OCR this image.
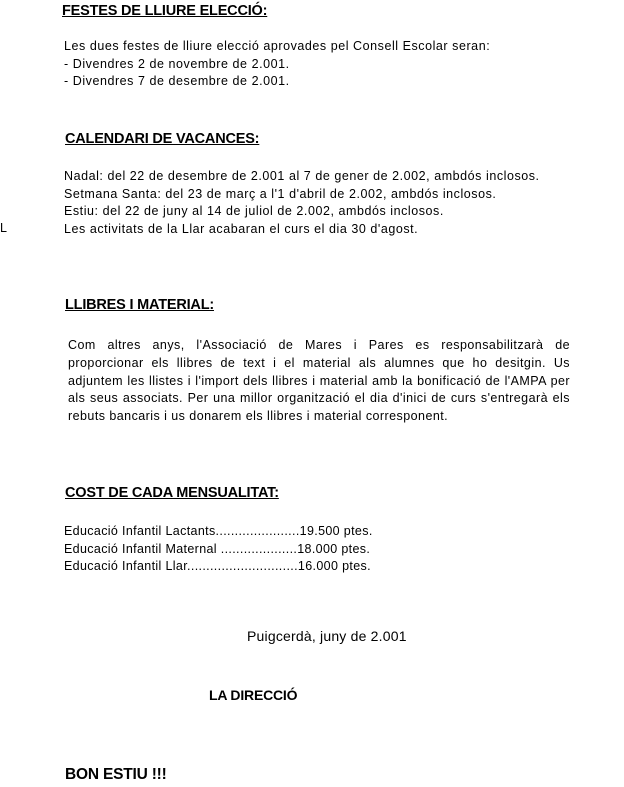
FESTES DE LLIURE ELECCIÓ:
Les dues festes de lliure elecció aprovades pel Consell Escolar seran:
- Divendres 2 de novembre de 2.001.
- Divendres 7 de desembre de 2.001.
CALENDARI DE VACANCES:
Nadal: del 22 de desembre de 2.001 al 7 de gener de 2.002, ambdós inclosos.
Setmana Santa: del 23 de març a l'1 d'abril de 2.002, ambdós inclosos.
Estiu: del 22 de juny al 14 de juliol de 2.002, ambdós inclosos.
Les activitats de la Llar acabaran el curs el dia 30 d'agost.
L
LLIBRES I MATERIAL:
Com altres anys, l'Associació de Mares i Pares es responsabilitzarà de proporcionar els llibres de text i el material als alumnes que ho desitgin. Us adjuntem les llistes i l'import dels llibres i material amb la bonificació de l'AMPA per als seus associats. Per una millor organització el dia d'inici de curs s'entregarà els rebuts bancaris i us donarem els llibres i material corresponent.
COST DE CADA MENSUALITAT:
Educació Infantil Lactants......................19.500 ptes.
Educació Infantil Maternal ....................18.000 ptes.
Educació Infantil Llar.............................16.000 ptes.
Puigcerdà, juny de 2.001
LA DIRECCIÓ
BON ESTIU !!!
